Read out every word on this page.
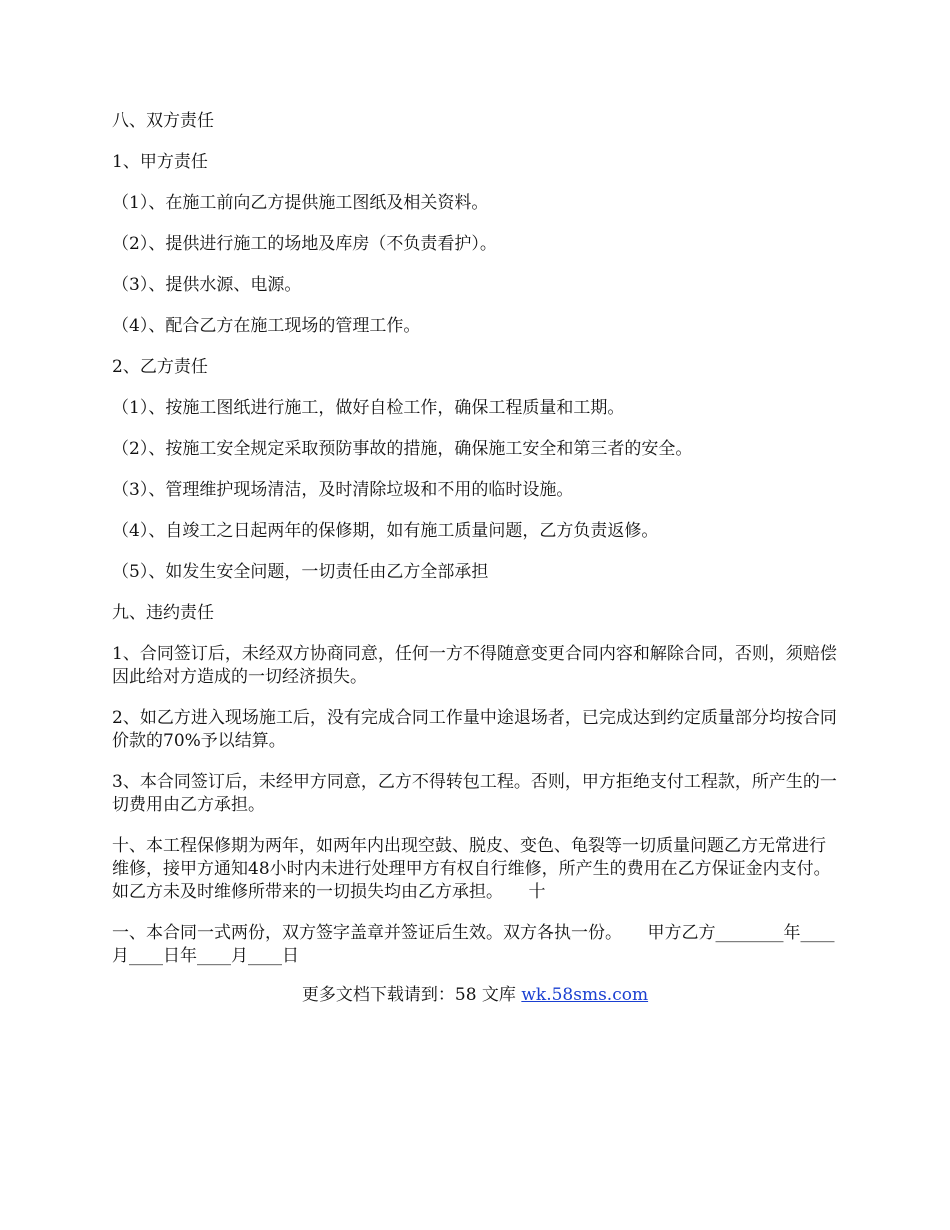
八、双方责任

1、甲方责任

（1）、在施工前向乙方提供施工图纸及相关资料。

（2）、提供进行施工的场地及库房（不负责看护）。

（3）、提供水源、电源。

（4）、配合乙方在施工现场的管理工作。

2、乙方责任

（1）、按施工图纸进行施工，做好自检工作，确保工程质量和工期。

（2）、按施工安全规定采取预防事故的措施，确保施工安全和第三者的安全。

（3）、管理维护现场清洁，及时清除垃圾和不用的临时设施。

（4）、自竣工之日起两年的保修期，如有施工质量问题，乙方负责返修。

（5）、如发生安全问题，一切责任由乙方全部承担

九、违约责任

1、合同签订后，未经双方协商同意，任何一方不得随意变更合同内容和解除合同，否则，须赔偿因此给对方造成的一切经济损失。

2、如乙方进入现场施工后，没有完成合同工作量中途退场者，已完成达到约定质量部分均按合同价款的70%予以结算。

3、本合同签订后，未经甲方同意，乙方不得转包工程。否则，甲方拒绝支付工程款，所产生的一切费用由乙方承担。

十、本工程保修期为两年，如两年内出现空鼓、脱皮、变色、龟裂等一切质量问题乙方无常进行维修，接甲方通知48小时内未进行处理甲方有权自行维修，所产生的费用在乙方保证金内支付。如乙方未及时维修所带来的一切损失均由乙方承担。　　十

一、本合同一式两份，双方签字盖章并签证后生效。双方各执一份。　　甲方乙方________年____月____日年____月____日

更多文档下载请到：58 文库 wk.58sms.com
